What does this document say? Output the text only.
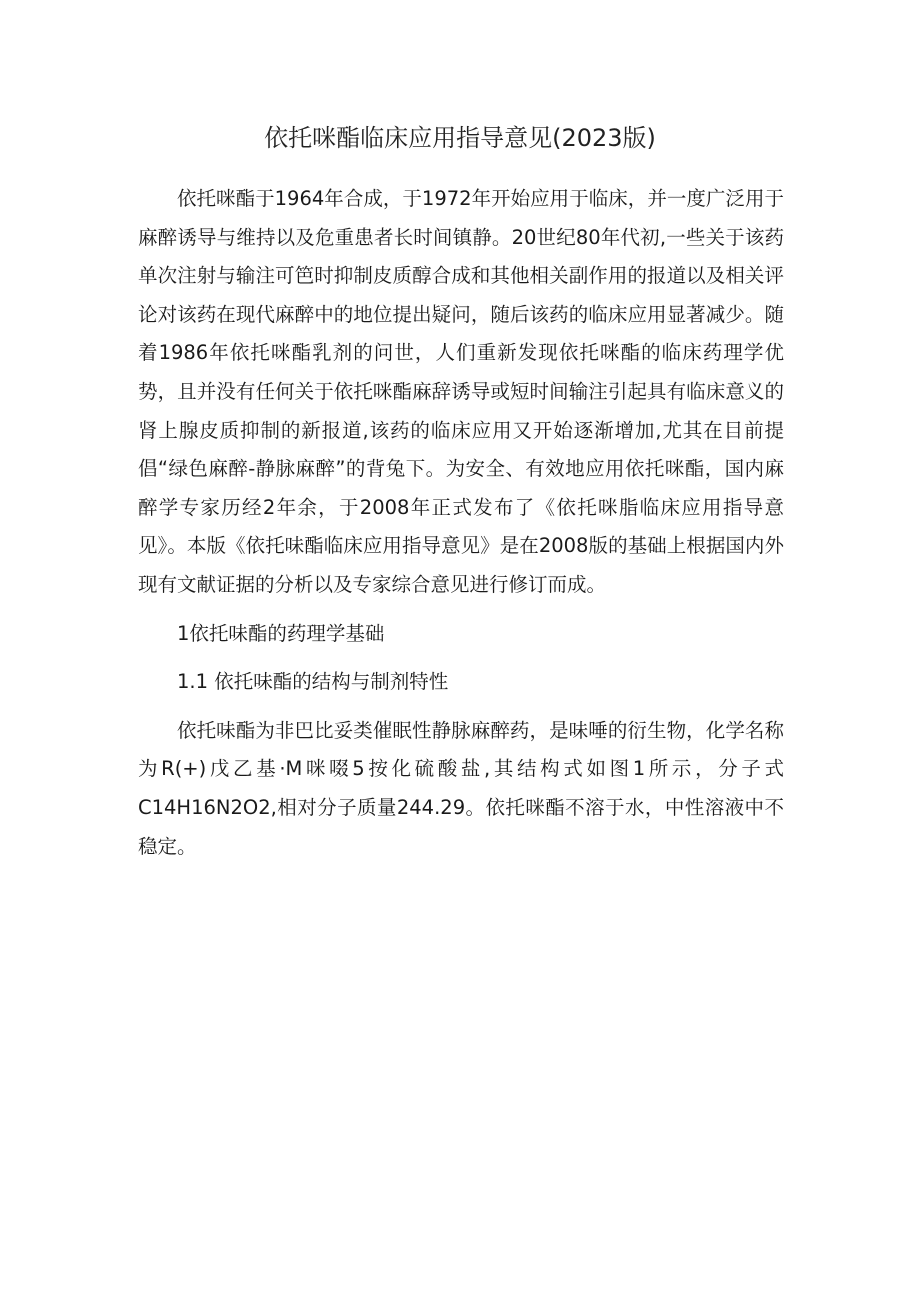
依托咪酯临床应用指导意见(2023版)

依托咪酯于1964年合成，于1972年开始应用于临床，并一度广泛用于麻醉诱导与维持以及危重患者长时间镇静。20世纪80年代初,一些关于该药单次注射与输注可笆时抑制皮质醇合成和其他相关副作用的报道以及相关评论对该药在现代麻醉中的地位提出疑问，随后该药的临床应用显著减少。随着1986年依托咪酯乳剂的问世，人们重新发现依托咪酯的临床药理学优势，且并没有任何关于依托咪酯麻辞诱导或短时间输注引起具有临床意义的肾上腺皮质抑制的新报道,该药的临床应用又开始逐渐增加,尤其在目前提倡“绿色麻醉-静脉麻醉”的背兔下。为安全、有效地应用依托咪酯，国内麻醉学专家历经2年余，于2008年正式发布了《依托咪脂临床应用指导意见》。本版《依托味酯临床应用指导意见》是在2008版的基础上根据国内外现有文献证据的分析以及专家综合意见进行修订而成。

1依托味酯的药理学基础

1.1 依托味酯的结构与制剂特性

依托味酯为非巴比妥类催眠性静脉麻醉药，是味唾的衍生物，化学名称为R(+)戊乙基·M咪啜5按化硫酸盐,其结构式如图1所示，分子式C14H16N2O2,相对分子质量244.29。依托咪酯不溶于水，中性溶液中不稳定。
